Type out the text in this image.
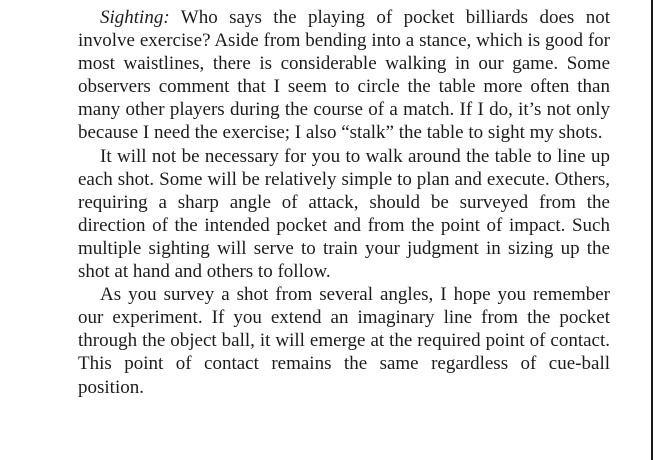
Sighting: Who says the playing of pocket billiards does not involve exercise? Aside from bending into a stance, which is good for most waistlines, there is considerable walking in our game. Some observers comment that I seem to circle the table more often than many other players during the course of a match. If I do, it’s not only because I need the exercise; I also “stalk” the table to sight my shots.

It will not be necessary for you to walk around the table to line up each shot. Some will be relatively simple to plan and execute. Others, requiring a sharp angle of attack, should be surveyed from the direction of the intended pocket and from the point of impact. Such multiple sighting will serve to train your judgment in sizing up the shot at hand and others to follow.

As you survey a shot from several angles, I hope you remember our experiment. If you extend an imaginary line from the pocket through the object ball, it will emerge at the required point of contact. This point of contact remains the same regardless of cue-ball position.
